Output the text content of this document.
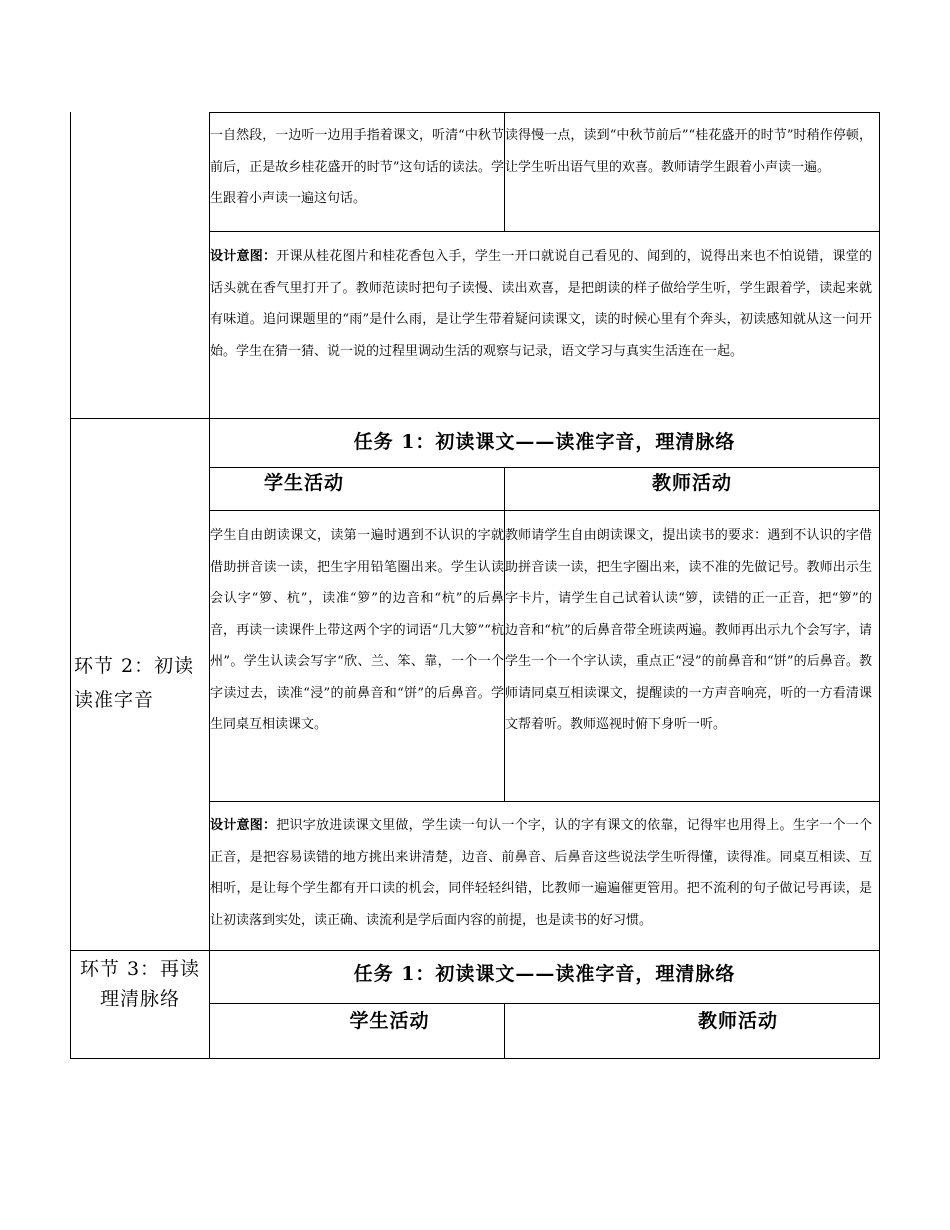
一自然段，一边听一边用手指着课文，听清“中秋节前后，正是故乡桂花盛开的时节”这句话的读法。学生跟着小声读一遍这句话。
读得慢一点，读到“中秋节前后”“桂花盛开的时节”时稍作停顿，让学生听出语气里的欢喜。教师请学生跟着小声读一遍。
设计意图：开课从桂花图片和桂花香包入手，学生一开口就说自己看见的、闻到的，说得出来也不怕说错，课堂的话头就在香气里打开了。教师范读时把句子读慢、读出欢喜，是把朗读的样子做给学生听，学生跟着学，读起来就有味道。追问课题里的“雨”是什么雨，是让学生带着疑问读课文，读的时候心里有个奔头，初读感知就从这一问开始。学生在猜一猜、说一说的过程里调动生活的观察与记录，语文学习与真实生活连在一起。
环节 2：初读读准字音
任务 1：初读课文——读准字音，理清脉络
学生活动	教师活动
学生自由朗读课文，读第一遍时遇到不认识的字就借助拼音读一读，把生字用铅笔圈出来。学生认读会认字“箩、杭”，读准“箩”的边音和“杭”的后鼻音，再读一读课件上带这两个字的词语“几大箩”“杭州”。学生认读会写字“欣、兰、笨、靠，一个一个字读过去，读准“浸”的前鼻音和“饼”的后鼻音。学生同桌互相读课文。
教师请学生自由朗读课文，提出读书的要求：遇到不认识的字借助拼音读一读，把生字圈出来，读不准的先做记号。教师出示生字卡片，请学生自己试着认读“箩，读错的正一正音，把“箩”的边音和“杭”的后鼻音带全班读两遍。教师再出示九个会写字，请学生一个一个字认读，重点正“浸”的前鼻音和“饼”的后鼻音。教师请同桌互相读课文，提醒读的一方声音响亮，听的一方看清课文帮着听。教师巡视时俯下身听一听。
设计意图：把识字放进读课文里做，学生读一句认一个字，认的字有课文的依靠，记得牢也用得上。生字一个一个正音，是把容易读错的地方挑出来讲清楚，边音、前鼻音、后鼻音这些说法学生听得懂，读得准。同桌互相读、互相听，是让每个学生都有开口读的机会，同伴轻轻纠错，比教师一遍遍催更管用。把不流利的句子做记号再读，是让初读落到实处，读正确、读流利是学后面内容的前提，也是读书的好习惯。
环节 3：再读理清脉络
任务 1：初读课文——读准字音，理清脉络
学生活动	教师活动
